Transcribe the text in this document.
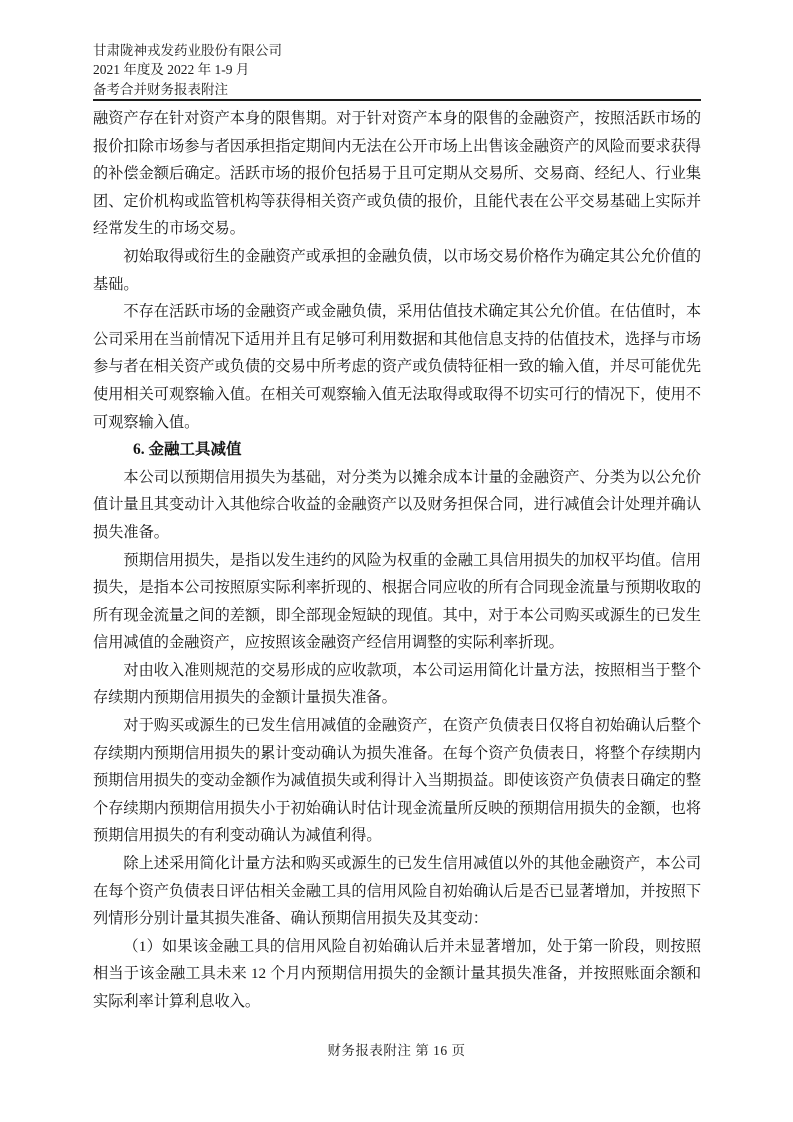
甘肃陇神戎发药业股份有限公司
2021 年度及 2022 年 1-9 月
备考合并财务报表附注

融资产存在针对资产本身的限售期。对于针对资产本身的限售的金融资产，按照活跃市场的报价扣除市场参与者因承担指定期间内无法在公开市场上出售该金融资产的风险而要求获得的补偿金额后确定。活跃市场的报价包括易于且可定期从交易所、交易商、经纪人、行业集团、定价机构或监管机构等获得相关资产或负债的报价，且能代表在公平交易基础上实际并经常发生的市场交易。

初始取得或衍生的金融资产或承担的金融负债，以市场交易价格作为确定其公允价值的基础。

不存在活跃市场的金融资产或金融负债，采用估值技术确定其公允价值。在估值时，本公司采用在当前情况下适用并且有足够可利用数据和其他信息支持的估值技术，选择与市场参与者在相关资产或负债的交易中所考虑的资产或负债特征相一致的输入值，并尽可能优先使用相关可观察输入值。在相关可观察输入值无法取得或取得不切实可行的情况下，使用不可观察输入值。

6. 金融工具减值

本公司以预期信用损失为基础，对分类为以摊余成本计量的金融资产、分类为以公允价值计量且其变动计入其他综合收益的金融资产以及财务担保合同，进行减值会计处理并确认损失准备。

预期信用损失，是指以发生违约的风险为权重的金融工具信用损失的加权平均值。信用损失，是指本公司按照原实际利率折现的、根据合同应收的所有合同现金流量与预期收取的所有现金流量之间的差额，即全部现金短缺的现值。其中，对于本公司购买或源生的已发生信用减值的金融资产，应按照该金融资产经信用调整的实际利率折现。

对由收入准则规范的交易形成的应收款项，本公司运用简化计量方法，按照相当于整个存续期内预期信用损失的金额计量损失准备。

对于购买或源生的已发生信用减值的金融资产，在资产负债表日仅将自初始确认后整个存续期内预期信用损失的累计变动确认为损失准备。在每个资产负债表日，将整个存续期内预期信用损失的变动金额作为减值损失或利得计入当期损益。即使该资产负债表日确定的整个存续期内预期信用损失小于初始确认时估计现金流量所反映的预期信用损失的金额，也将预期信用损失的有利变动确认为减值利得。

除上述采用简化计量方法和购买或源生的已发生信用减值以外的其他金融资产，本公司在每个资产负债表日评估相关金融工具的信用风险自初始确认后是否已显著增加，并按照下列情形分别计量其损失准备、确认预期信用损失及其变动：

（1）如果该金融工具的信用风险自初始确认后并未显著增加，处于第一阶段，则按照相当于该金融工具未来 12 个月内预期信用损失的金额计量其损失准备，并按照账面余额和实际利率计算利息收入。

财务报表附注 第 16 页
